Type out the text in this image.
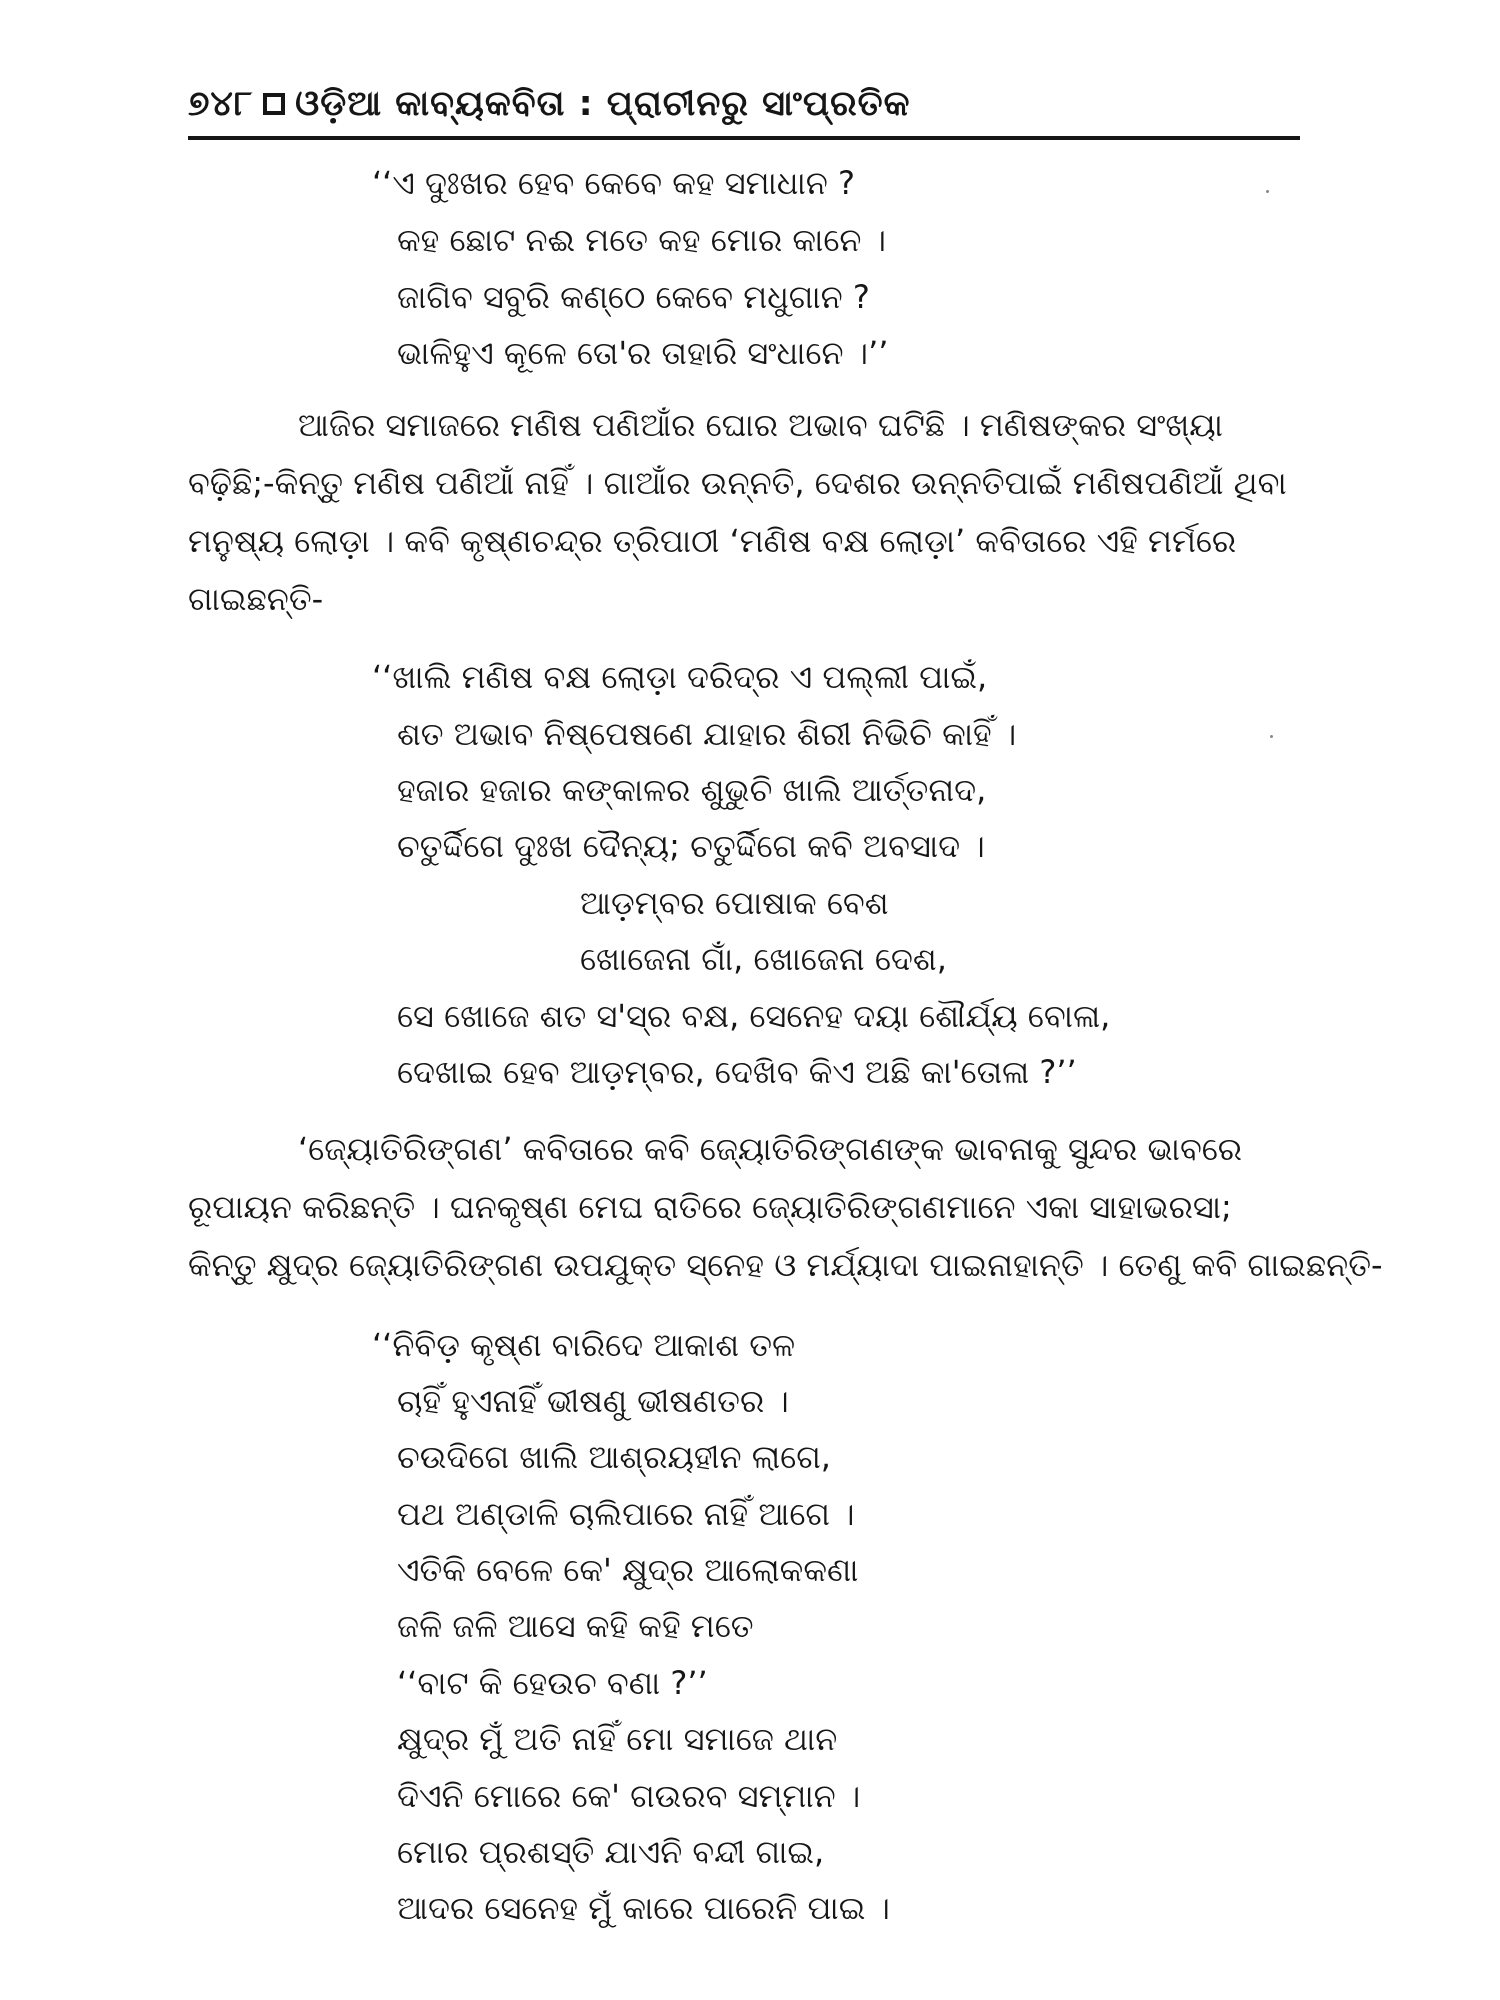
୭୪୮ ଓଡ଼ିଆ କାବ୍ୟକବିତା : ପ୍ରାଚୀନରୁ ସାଂପ୍ରତିକ
‘‘ଏ ଦୁଃଖର ହେବ କେବେ କହ ସମାଧାନ ?
କହ ଛୋଟ ନଈ ମତେ କହ ମୋର କାନେ ।
ଜାଗିବ ସବୁରି କଣ୍ଠେ କେବେ ମଧୁଗାନ ?
ଭାଳିହୁଏ କୂଳେ ତୋ'ର ତାହାରି ସଂଧାନେ ।’’
ଆଜିର ସମାଜରେ ମଣିଷ ପଣିଆଁର ଘୋର ଅଭାବ ଘଟିଛି । ମଣିଷଙ୍କର ସଂଖ୍ୟା
ବଢ଼ିଛି;-କିନ୍ତୁ ମଣିଷ ପଣିଆଁ ନାହିଁ । ଗାଆଁର ଉନ୍ନତି, ଦେଶର ଉନ୍ନତିପାଇଁ ମଣିଷପଣିଆଁ ଥିବା
ମନୁଷ୍ୟ ଲୋଡ଼ା । କବି କୃଷ୍ଣଚନ୍ଦ୍ର ତ୍ରିପାଠୀ ‘ମଣିଷ ବକ୍ଷ ଲୋଡ଼ା’ କବିତାରେ ଏହି ମର୍ମରେ
ଗାଇଛନ୍ତି-
‘‘ଖାଲି ମଣିଷ ବକ୍ଷ ଲୋଡ଼ା ଦରିଦ୍ର ଏ ପଲ୍ଲୀ ପାଇଁ,
ଶତ ଅଭାବ ନିଷ୍‌ପେଷଣେ ଯାହାର ଶିରୀ ନିଭିଚି କାହିଁ ।
ହଜାର ହଜାର କଙ୍କାଳର ଶୁଭୁଚି ଖାଲି ଆର୍ତ୍ତନାଦ,
ଚତୁର୍ଦ୍ଦିଗେ ଦୁଃଖ ଦୈନ୍ୟ; ଚତୁର୍ଦ୍ଦିଗେ କବି ଅବସାଦ ।
ଆଡ଼ମ୍ବର ପୋଷାକ ବେଶ
ଖୋଜେନା ଗାଁ, ଖୋଜେନା ଦେଶ,
ସେ ଖୋଜେ ଶତ ସ'ସ୍ର ବକ୍ଷ, ସେନେହ ଦୟା ଶୌର୍ଯ୍ୟ ବୋଳା,
ଦେଖାଇ ହେବ ଆଡ଼ମ୍ବର, ଦେଖିବ କିଏ ଅଛି କା'ତୋଳା ?’’
‘ଜ୍ୟୋତିରିଙ୍ଗଣ’ କବିତାରେ କବି ଜ୍ୟୋତିରିଙ୍ଗଣଙ୍କ ଭାବନାକୁ ସୁନ୍ଦର ଭାବରେ
ରୂପାୟନ କରିଛନ୍ତି । ଘନକୃଷ୍ଣ ମେଘ ରାତିରେ ଜ୍ୟୋତିରିଙ୍ଗଣମାନେ ଏକା ସାହାଭରସା;
କିନ୍ତୁ କ୍ଷୁଦ୍ର ଜ୍ୟୋତିରିଙ୍ଗଣ ଉପଯୁକ୍ତ ସ୍ନେହ ଓ ମର୍ଯ୍ୟାଦା ପାଇନାହାନ୍ତି । ତେଣୁ କବି ଗାଇଛନ୍ତି-
‘‘ନିବିଡ଼ କୃଷ୍ଣ ବାରିଦେ ଆକାଶ ତଳ
ଚାହିଁ ହୁଏନାହିଁ ଭୀଷଣୁ ଭୀଷଣତର ।
ଚଉଦିଗେ ଖାଲି ଆଶ୍ରୟହୀନ ଲାଗେ,
ପଥ ଅଣ୍ଡାଳି ଚାଲିପାରେ ନାହିଁ ଆଗେ ।
ଏତିକି ବେଳେ କେ' କ୍ଷୁଦ୍ର ଆଲୋକକଣା
ଜଳି ଜଳି ଆସେ କହି କହି ମତେ
‘‘ବାଟ କି ହେଉଚ ବଣା ?’’
କ୍ଷୁଦ୍ର ମୁଁ ଅତି ନାହିଁ ମୋ ସମାଜେ ଥାନ
ଦିଏନି ମୋରେ କେ' ଗଉରବ ସମ୍ମାନ ।
ମୋର ପ୍ରଶସ୍ତି ଯାଏନି ବନ୍ଦୀ ଗାଇ,
ଆଦର ସେନେହ ମୁଁ କାରେ ପାରେନି ପାଇ ।
